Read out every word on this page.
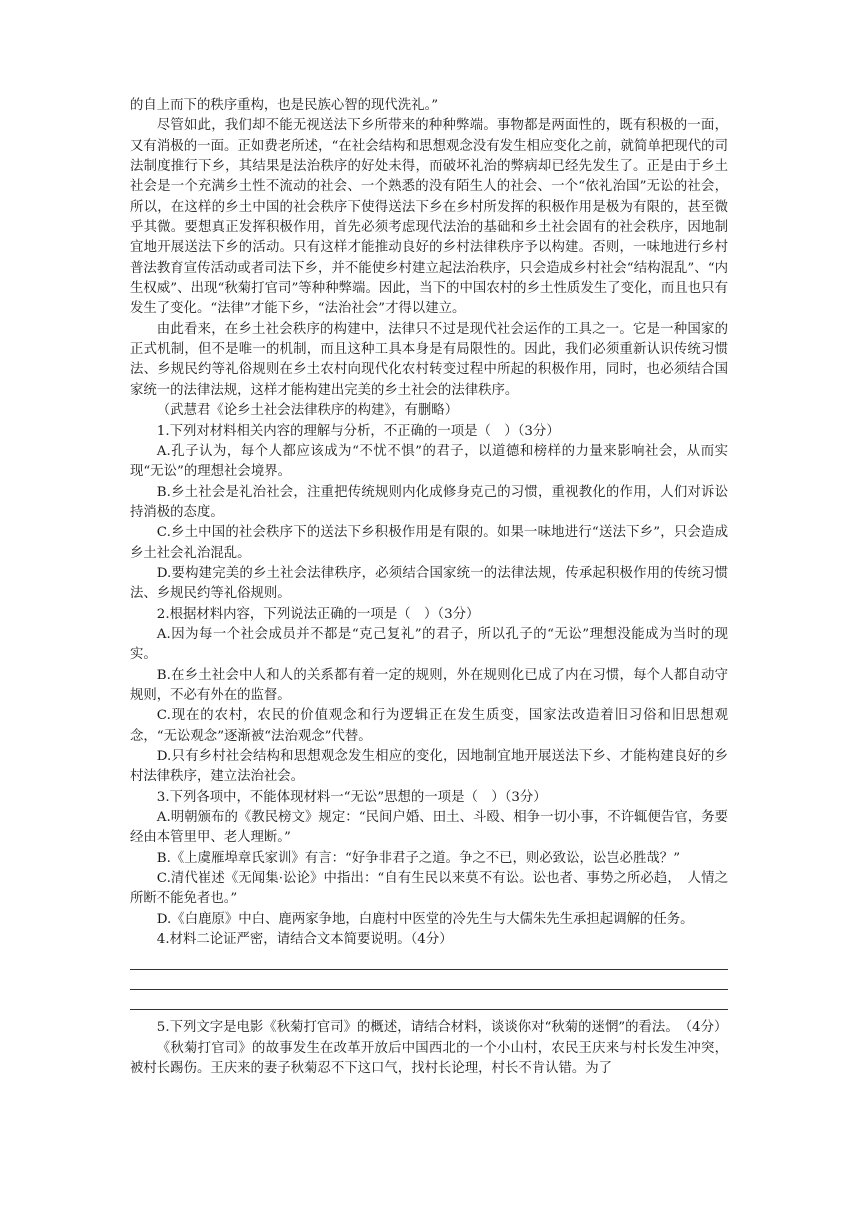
的自上而下的秩序重构，也是民族心智的现代洗礼。”

尽管如此，我们却不能无视送法下乡所带来的种种弊端。事物都是两面性的，既有积极的一面，又有消极的一面。正如费老所述，“在社会结构和思想观念没有发生相应变化之前，就简单把现代的司法制度推行下乡，其结果是法治秩序的好处未得，而破坏礼治的弊病却已经先发生了。正是由于乡土社会是一个充满乡土性不流动的社会、一个熟悉的没有陌生人的社会、一个“依礼治国”无讼的社会，所以，在这样的乡土中国的社会秩序下使得送法下乡在乡村所发挥的积极作用是极为有限的，甚至微乎其微。要想真正发挥积极作用，首先必须考虑现代法治的基础和乡土社会固有的社会秩序，因地制宜地开展送法下乡的活动。只有这样才能推动良好的乡村法律秩序予以构建。否则，一味地进行乡村普法教育宣传活动或者司法下乡，并不能使乡村建立起法治秩序，只会造成乡村社会“结构混乱”、“内生权威”、出现“秋菊打官司”等种种弊端。因此，当下的中国农村的乡土性质发生了变化，而且也只有发生了变化。“法律”才能下乡，“法治社会”才得以建立。

由此看来，在乡土社会秩序的构建中，法律只不过是现代社会运作的工具之一。它是一种国家的正式机制，但不是唯一的机制，而且这种工具本身是有局限性的。因此，我们必须重新认识传统习惯法、乡规民约等礼俗规则在乡土农村向现代化农村转变过程中所起的积极作用，同时，也必须结合国家统一的法律法规，这样才能构建出完美的乡土社会的法律秩序。

（武慧君《论乡土社会法律秩序的构建》，有删略）

1.下列对材料相关内容的理解与分析，不正确的一项是（　）（3分）

A.孔子认为，每个人都应该成为“不忧不惧”的君子，以道德和榜样的力量来影响社会，从而实现“无讼”的理想社会境界。

B.乡土社会是礼治社会，注重把传统规则内化成修身克己的习惯，重视教化的作用，人们对诉讼持消极的态度。

C.乡土中国的社会秩序下的送法下乡积极作用是有限的。如果一味地进行“送法下乡”，只会造成乡土社会礼治混乱。

D.要构建完美的乡土社会法律秩序，必须结合国家统一的法律法规，传承起积极作用的传统习惯法、乡规民约等礼俗规则。

2.根据材料内容，下列说法正确的一项是（　）（3分）

A.因为每一个社会成员并不都是“克己复礼”的君子，所以孔子的“无讼”理想没能成为当时的现实。

B.在乡土社会中人和人的关系都有着一定的规则，外在规则化已成了内在习惯，每个人都自动守规则，不必有外在的监督。

C.现在的农村，农民的价值观念和行为逻辑正在发生质变，国家法改造着旧习俗和旧思想观念，“无讼观念”逐渐被“法治观念”代替。

D.只有乡村社会结构和思想观念发生相应的变化，因地制宜地开展送法下乡、才能构建良好的乡村法律秩序，建立法治社会。

3.下列各项中，不能体现材料一“无讼”思想的一项是（　）（3分）

A.明朝颁布的《教民榜文》规定：“民间户婚、田土、斗殴、相争一切小事，不许辄便告官，务要经由本管里甲、老人理断。”

B.《上虞雁埠章氏家训》有言：“好争非君子之道。争之不已，则必致讼，讼岂必胜哉？”

C.清代崔述《无闻集·讼论》中指出：“自有生民以来莫不有讼。讼也者、事势之所必趋，　人情之所断不能免者也。”

D.《白鹿原》中白、鹿两家争地，白鹿村中医堂的冷先生与大儒朱先生承担起调解的任务。

4.材料二论证严密，请结合文本简要说明。（4分）

5.下列文字是电影《秋菊打官司》的概述，请结合材料，谈谈你对“秋菊的迷惘”的看法。　（4分）

《秋菊打官司》的故事发生在改革开放后中国西北的一个小山村，农民王庆来与村长发生冲突，被村长踢伤。王庆来的妻子秋菊忍不下这口气，找村长论理，村长不肯认错。为了
